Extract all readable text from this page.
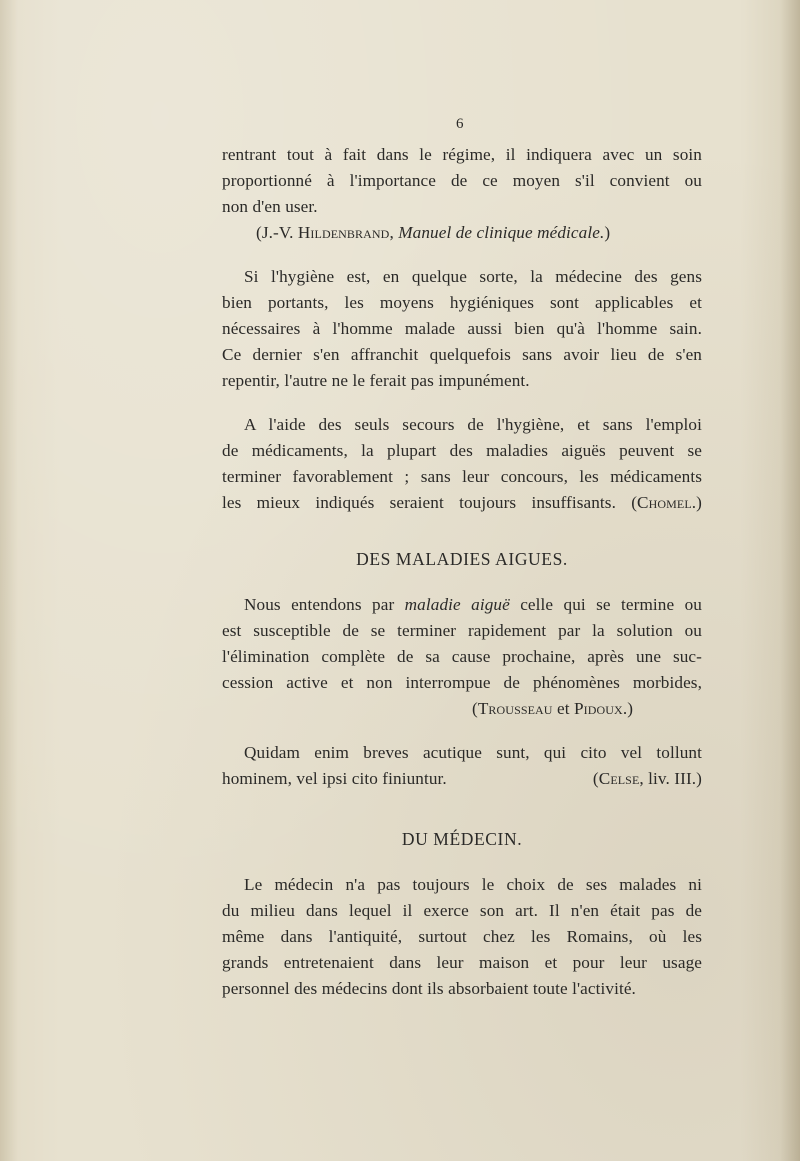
6
rentrant tout à fait dans le régime, il indiquera avec un soin
proportionné à l'importance de ce moyen s'il convient ou
non d'en user.
(J.-V. Hildenbrand, Manuel de clinique médicale.)
Si l'hygiène est, en quelque sorte, la médecine des gens
bien portants, les moyens hygiéniques sont applicables et
nécessaires à l'homme malade aussi bien qu'à l'homme sain.
Ce dernier s'en affranchit quelquefois sans avoir lieu de s'en
repentir, l'autre ne le ferait pas impunément.
A l'aide des seuls secours de l'hygiène, et sans l'emploi
de médicaments, la plupart des maladies aiguës peuvent se
terminer favorablement ; sans leur concours, les médicaments
les mieux indiqués seraient toujours insuffisants. (Chomel.)
DES MALADIES AIGUES.
Nous entendons par maladie aiguë celle qui se termine ou
est susceptible de se terminer rapidement par la solution ou
l'élimination complète de sa cause prochaine, après une suc-
cession active et non interrompue de phénomènes morbides,
(Trousseau et Pidoux.)
Quidam enim breves acutique sunt, qui cito vel tollunt
hominem, vel ipsi cito finiuntur.	(Celse, liv. III.)
DU MÉDECIN.
Le médecin n'a pas toujours le choix de ses malades ni
du milieu dans lequel il exerce son art. Il n'en était pas de
même dans l'antiquité, surtout chez les Romains, où les
grands entretenaient dans leur maison et pour leur usage
personnel des médecins dont ils absorbaient toute l'activité.
